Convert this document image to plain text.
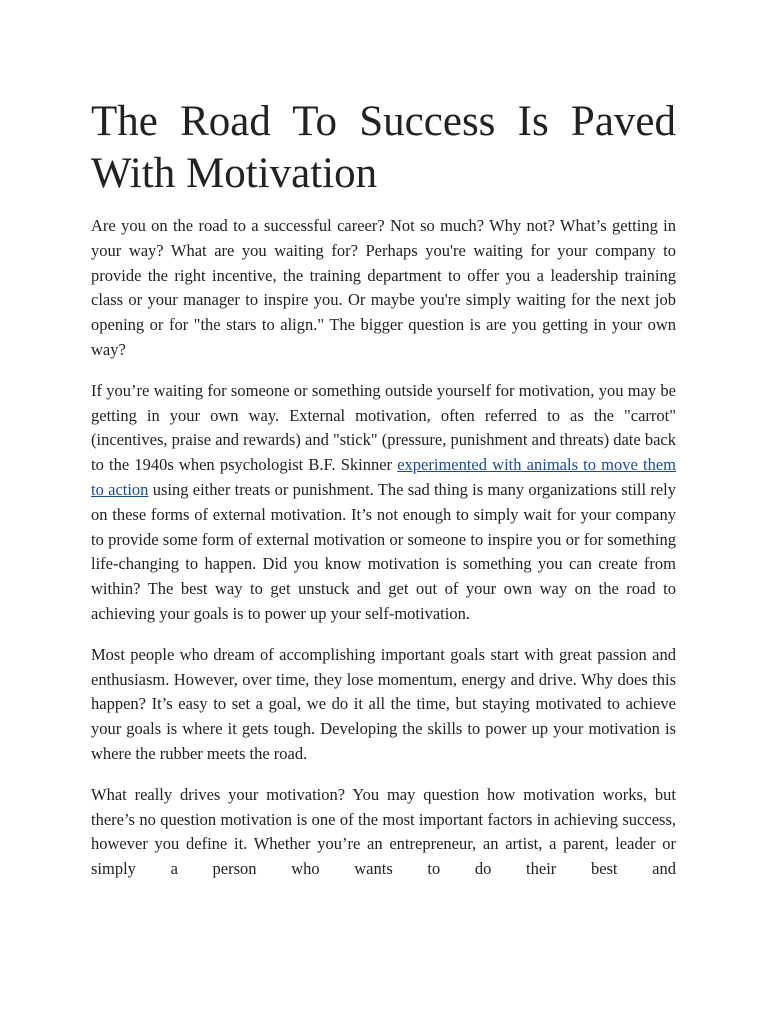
The Road To Success Is Paved With Motivation

Are you on the road to a successful career? Not so much? Why not? What’s getting in your way? What are you waiting for? Perhaps you're waiting for your company to provide the right incentive, the training department to offer you a leadership training class or your manager to inspire you. Or maybe you're simply waiting for the next job opening or for "the stars to align." The bigger question is are you getting in your own way?

If you’re waiting for someone or something outside yourself for motivation, you may be getting in your own way. External motivation, often referred to as the "carrot" (incentives, praise and rewards) and "stick" (pressure, punishment and threats) date back to the 1940s when psychologist B.F. Skinner experimented with animals to move them to action using either treats or punishment. The sad thing is many organizations still rely on these forms of external motivation. It’s not enough to simply wait for your company to provide some form of external motivation or someone to inspire you or for something life-changing to happen. Did you know motivation is something you can create from within? The best way to get unstuck and get out of your own way on the road to achieving your goals is to power up your self-motivation.

Most people who dream of accomplishing important goals start with great passion and enthusiasm. However, over time, they lose momentum, energy and drive. Why does this happen? It’s easy to set a goal, we do it all the time, but staying motivated to achieve your goals is where it gets tough. Developing the skills to power up your motivation is where the rubber meets the road.

What really drives your motivation? You may question how motivation works, but there’s no question motivation is one of the most important factors in achieving success, however you define it. Whether you’re an entrepreneur, an artist, a parent, leader or simply a person who wants to do their best and
